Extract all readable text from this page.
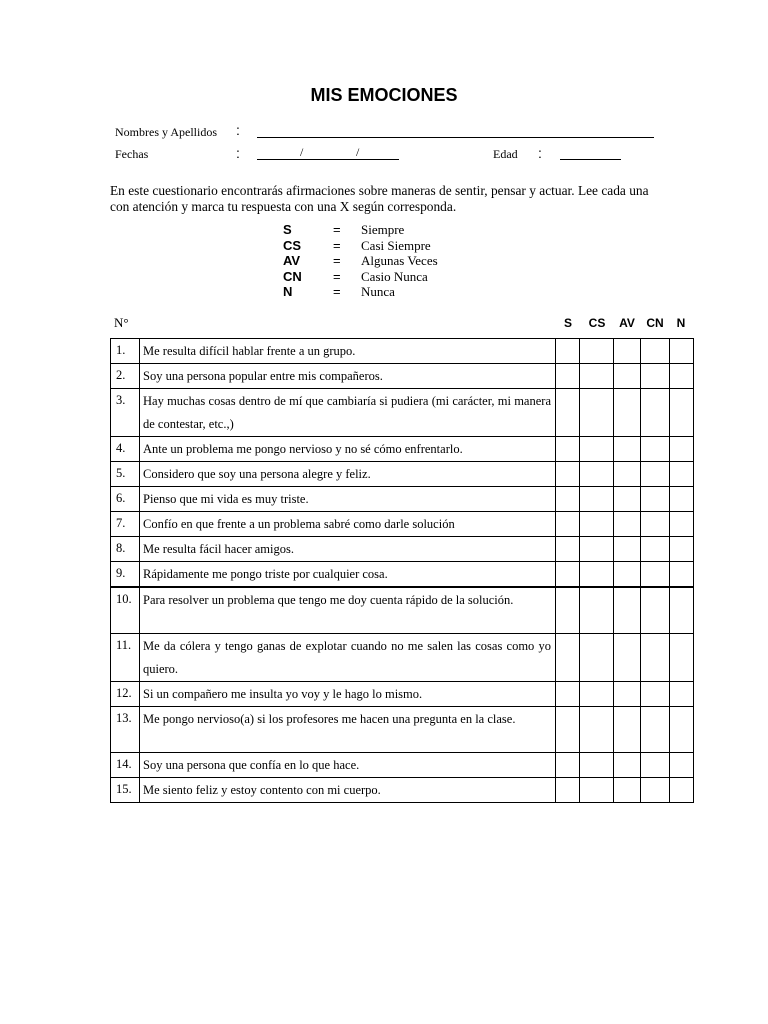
MIS EMOCIONES
Nombres y Apellidos :
Fechas	:	/	/	Edad :
En este cuestionario encontrarás afirmaciones sobre maneras de sentir, pensar y actuar. Lee cada una con atención y marca tu respuesta con una X según corresponda.
S	= Siempre
CS = Casi Siempre
AV	= Algunas Veces
CN = Casio Nunca
N	= Nunca
N°	S	CS	AV CN	N
1.	Me resulta difícil hablar frente a un grupo.					
2.	Soy una persona popular entre mis compañeros.					
3.	Hay muchas cosas dentro de mí que cambiaría si pudiera (mi carácter, mi manera de contestar, etc.,)					
4.	Ante un problema me pongo nervioso y no sé cómo enfrentarlo.					
5.	Considero que soy una persona alegre y feliz.					
6.	Pienso que mi vida es muy triste.					
7.	Confío en que frente a un problema sabré como darle solución					
8.	Me resulta fácil hacer amigos.					
9.	Rápidamente me pongo triste por cualquier cosa.					
10.	Para resolver un problema que tengo me doy cuenta rápido de la solución.					
11.	Me da cólera y tengo ganas de explotar cuando no me salen las cosas como yo quiero.					
12.	Si un compañero me insulta yo voy y le hago lo mismo.					
13.	Me pongo nervioso(a) si los profesores me hacen una pregunta en la clase.					
14.	Soy una persona que confía en lo que hace.					
15.	Me siento feliz y estoy contento con mi cuerpo.					
